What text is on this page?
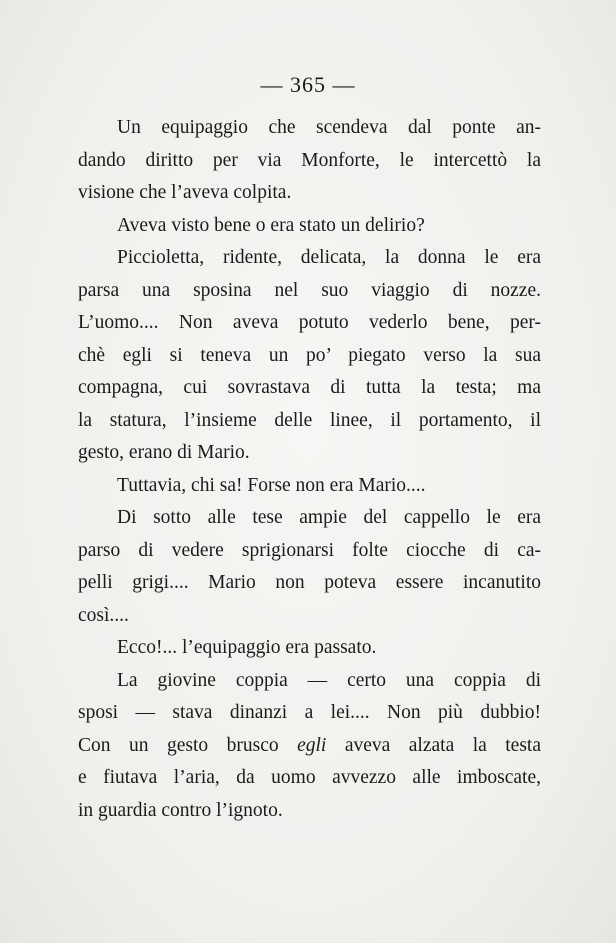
— 365 —
Un equipaggio che scendeva dal ponte an-
dando diritto per via Monforte, le intercettò la
visione che l’aveva colpita.
Aveva visto bene o era stato un delirio?
Piccioletta, ridente, delicata, la donna le era
parsa una sposina nel suo viaggio di nozze.
L’uomo.... Non aveva potuto vederlo bene, per-
chè egli si teneva un po’ piegato verso la sua
compagna, cui sovrastava di tutta la testa; ma
la statura, l’insieme delle linee, il portamento, il
gesto, erano di Mario.
Tuttavia, chi sa! Forse non era Mario....
Di sotto alle tese ampie del cappello le era
parso di vedere sprigionarsi folte ciocche di ca-
pelli grigi.... Mario non poteva essere incanutito
così....
Ecco!... l’equipaggio era passato.
La giovine coppia — certo una coppia di
sposi — stava dinanzi a lei.... Non più dubbio!
Con un gesto brusco egli aveva alzata la testa
e fiutava l’aria, da uomo avvezzo alle imboscate,
in guardia contro l’ignoto.
